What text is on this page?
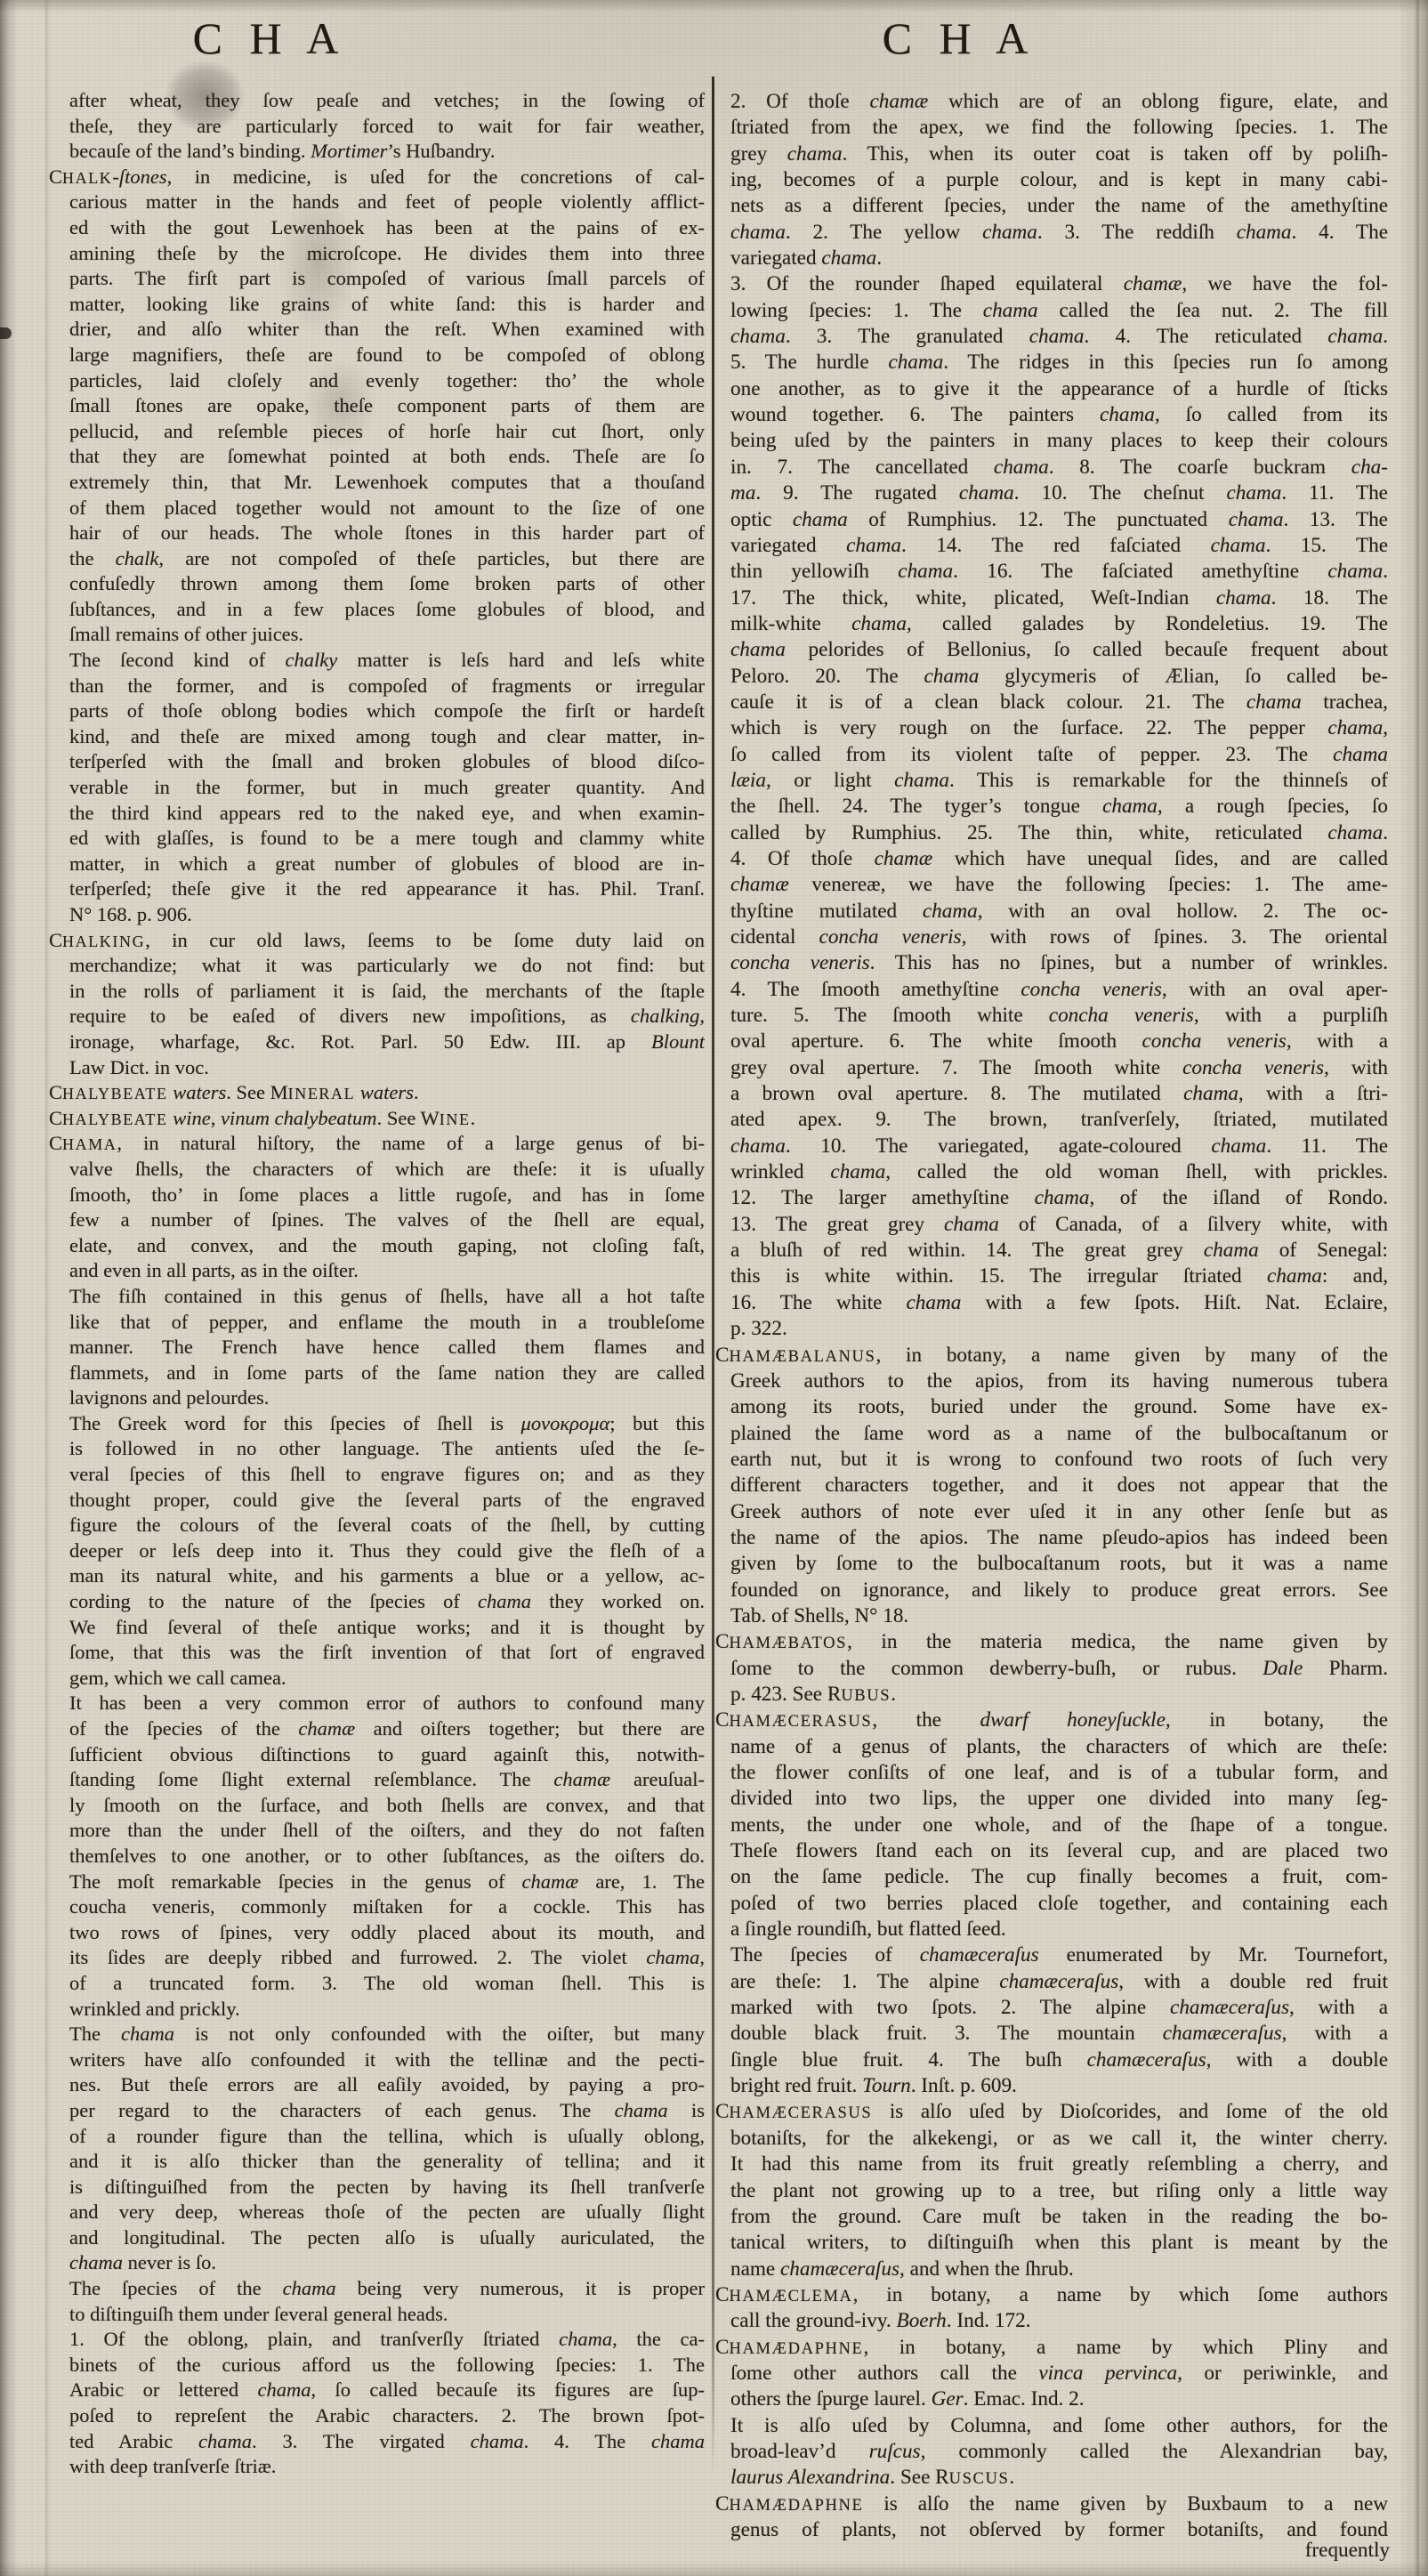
C H A	C H A
after wheat, they ſow peaſe and vetches; in the ſowing of
theſe, they are particularly forced to wait for fair weather,
becauſe of the land’s binding. Mortimer’s Huſbandry.
CHALK-ſtones, in medicine, is uſed for the concretions of cal-
carious matter in the hands and feet of people violently afflict-
ed with the gout Lewenhoek has been at the pains of ex-
amining theſe by the microſcope. He divides them into three
parts. The firſt part is compoſed of various ſmall parcels of
matter, looking like grains of white ſand: this is harder and
drier, and alſo whiter than the reſt. When examined with
large magnifiers, theſe are found to be compoſed of oblong
particles, laid cloſely and evenly together: tho’ the whole
ſmall ſtones are opake, theſe component parts of them are
pellucid, and reſemble pieces of horſe hair cut ſhort, only
that they are ſomewhat pointed at both ends. Theſe are ſo
extremely thin, that Mr. Lewenhoek computes that a thouſand
of them placed together would not amount to the ſize of one
hair of our heads. The whole ſtones in this harder part of
the chalk, are not compoſed of theſe particles, but there are
confuſedly thrown among them ſome broken parts of other
ſubſtances, and in a few places ſome globules of blood, and
ſmall remains of other juices.
The ſecond kind of chalky matter is leſs hard and leſs white
than the former, and is compoſed of fragments or irregular
parts of thoſe oblong bodies which compoſe the firſt or hardeſt
kind, and theſe are mixed among tough and clear matter, in-
terſperſed with the ſmall and broken globules of blood diſco-
verable in the former, but in much greater quantity. And
the third kind appears red to the naked eye, and when examin-
ed with glaſſes, is found to be a mere tough and clammy white
matter, in which a great number of globules of blood are in-
terſperſed; theſe give it the red appearance it has. Phil. Tranſ.
N° 168. p. 906.
CHALKING, in cur old laws, ſeems to be ſome duty laid on
merchandize; what it was particularly we do not find: but
in the rolls of parliament it is ſaid, the merchants of the ſtaple
require to be eaſed of divers new impoſitions, as chalking,
ironage, wharfage, &c. Rot. Parl. 50 Edw. III. ap Blount
Law Dict. in voc.
CHALYBEATE waters. See MINERAL waters.
CHALYBEATE wine, vinum chalybeatum. See WINE.
CHAMA, in natural hiſtory, the name of a large genus of bi-
valve ſhells, the characters of which are theſe: it is uſually
ſmooth, tho’ in ſome places a little rugoſe, and has in ſome
few a number of ſpines. The valves of the ſhell are equal,
elate, and convex, and the mouth gaping, not cloſing faſt,
and even in all parts, as in the oiſter.
The fiſh contained in this genus of ſhells, have all a hot taſte
like that of pepper, and enflame the mouth in a troubleſome
manner. The French have hence called them flames and
flammets, and in ſome parts of the ſame nation they are called
lavignons and pelourdes.
The Greek word for this ſpecies of ſhell is μονοκρομα; but this
is followed in no other language. The antients uſed the ſe-
veral ſpecies of this ſhell to engrave figures on; and as they
thought proper, could give the ſeveral parts of the engraved
figure the colours of the ſeveral coats of the ſhell, by cutting
deeper or leſs deep into it. Thus they could give the fleſh of a
man its natural white, and his garments a blue or a yellow, ac-
cording to the nature of the ſpecies of chama they worked on.
We find ſeveral of theſe antique works; and it is thought by
ſome, that this was the firſt invention of that ſort of engraved
gem, which we call camea.
It has been a very common error of authors to confound many
of the ſpecies of the chamæ and oiſters together; but there are
ſufficient obvious diſtinctions to guard againſt this, notwith-
ſtanding ſome ſlight external reſemblance. The chamæ areuſual-
ly ſmooth on the ſurface, and both ſhells are convex, and that
more than the under ſhell of the oiſters, and they do not faſten
themſelves to one another, or to other ſubſtances, as the oiſters do.
The moſt remarkable ſpecies in the genus of chamæ are, 1. The
coucha veneris, commonly miſtaken for a cockle. This has
two rows of ſpines, very oddly placed about its mouth, and
its ſides are deeply ribbed and furrowed. 2. The violet chama,
of a truncated form. 3. The old woman ſhell. This is
wrinkled and prickly.
The chama is not only confounded with the oiſter, but many
writers have alſo confounded it with the tellinæ and the pecti-
nes. But theſe errors are all eaſily avoided, by paying a pro-
per regard to the characters of each genus. The chama is
of a rounder figure than the tellina, which is uſually oblong,
and it is alſo thicker than the generality of tellina; and it
is diſtinguiſhed from the pecten by having its ſhell tranſverſe
and very deep, whereas thoſe of the pecten are uſually ſlight
and longitudinal. The pecten alſo is uſually auriculated, the
chama never is ſo.
The ſpecies of the chama being very numerous, it is proper
to diſtinguiſh them under ſeveral general heads.
1. Of the oblong, plain, and tranſverſly ſtriated chama, the ca-
binets of the curious afford us the following ſpecies: 1. The
Arabic or lettered chama, ſo called becauſe its figures are ſup-
poſed to repreſent the Arabic characters. 2. The brown ſpot-
ted Arabic chama. 3. The virgated chama. 4. The chama
with deep tranſverſe ſtriæ.
2. Of thoſe chamæ which are of an oblong figure, elate, and
ſtriated from the apex, we find the following ſpecies. 1. The
grey chama. This, when its outer coat is taken off by poliſh-
ing, becomes of a purple colour, and is kept in many cabi-
nets as a different ſpecies, under the name of the amethyſtine
chama. 2. The yellow chama. 3. The reddiſh chama. 4. The
variegated chama.
3. Of the rounder ſhaped equilateral chamæ, we have the fol-
lowing ſpecies: 1. The chama called the ſea nut. 2. The fill
chama. 3. The granulated chama. 4. The reticulated chama.
5. The hurdle chama. The ridges in this ſpecies run ſo among
one another, as to give it the appearance of a hurdle of ſticks
wound together. 6. The painters chama, ſo called from its
being uſed by the painters in many places to keep their colours
in. 7. The cancellated chama. 8. The coarſe buckram cha-
ma. 9. The rugated chama. 10. The cheſnut chama. 11. The
optic chama of Rumphius. 12. The punctuated chama. 13. The
variegated chama. 14. The red faſciated chama. 15. The
thin yellowiſh chama. 16. The faſciated amethyſtine chama.
17. The thick, white, plicated, Weſt-Indian chama. 18. The
milk-white chama, called galades by Rondeletius. 19. The
chama pelorides of Bellonius, ſo called becauſe frequent about
Peloro. 20. The chama glycymeris of Ælian, ſo called be-
cauſe it is of a clean black colour. 21. The chama trachea,
which is very rough on the ſurface. 22. The pepper chama,
ſo called from its violent taſte of pepper. 23. The chama
læia, or light chama. This is remarkable for the thinneſs of
the ſhell. 24. The tyger’s tongue chama, a rough ſpecies, ſo
called by Rumphius. 25. The thin, white, reticulated chama.
4. Of thoſe chamæ which have unequal ſides, and are called
chamæ venereæ, we have the following ſpecies: 1. The ame-
thyſtine mutilated chama, with an oval hollow. 2. The oc-
cidental concha veneris, with rows of ſpines. 3. The oriental
concha veneris. This has no ſpines, but a number of wrinkles.
4. The ſmooth amethyſtine concha veneris, with an oval aper-
ture. 5. The ſmooth white concha veneris, with a purpliſh
oval aperture. 6. The white ſmooth concha veneris, with a
grey oval aperture. 7. The ſmooth white concha veneris, with
a brown oval aperture. 8. The mutilated chama, with a ſtri-
ated apex. 9. The brown, tranſverſely, ſtriated, mutilated
chama. 10. The variegated, agate-coloured chama. 11. The
wrinkled chama, called the old woman ſhell, with prickles.
12. The larger amethyſtine chama, of the iſland of Rondo.
13. The great grey chama of Canada, of a ſilvery white, with
a bluſh of red within. 14. The great grey chama of Senegal:
this is white within. 15. The irregular ſtriated chama: and,
16. The white chama with a few ſpots. Hiſt. Nat. Eclaire,
p. 322.
CHAMÆBALANUS, in botany, a name given by many of the
Greek authors to the apios, from its having numerous tubera
among its roots, buried under the ground. Some have ex-
plained the ſame word as a name of the bulbocaſtanum or
earth nut, but it is wrong to confound two roots of ſuch very
different characters together, and it does not appear that the
Greek authors of note ever uſed it in any other ſenſe but as
the name of the apios. The name pſeudo-apios has indeed been
given by ſome to the bulbocaſtanum roots, but it was a name
founded on ignorance, and likely to produce great errors. See
Tab. of Shells, N° 18.
CHAMÆBATOS, in the materia medica, the name given by
ſome to the common dewberry-buſh, or rubus. Dale Pharm.
p. 423. See RUBUS.
CHAMÆCERASUS, the dwarf honeyſuckle, in botany, the
name of a genus of plants, the characters of which are theſe:
the flower conſiſts of one leaf, and is of a tubular form, and
divided into two lips, the upper one divided into many ſeg-
ments, the under one whole, and of the ſhape of a tongue.
Theſe flowers ſtand each on its ſeveral cup, and are placed two
on the ſame pedicle. The cup finally becomes a fruit, com-
poſed of two berries placed cloſe together, and containing each
a ſingle roundiſh, but flatted ſeed.
The ſpecies of chamæceraſus enumerated by Mr. Tournefort,
are theſe: 1. The alpine chamæceraſus, with a double red fruit
marked with two ſpots. 2. The alpine chamæceraſus, with a
double black fruit. 3. The mountain chamæceraſus, with a
ſingle blue fruit. 4. The buſh chamæceraſus, with a double
bright red fruit. Tourn. Inſt. p. 609.
CHAMÆCERASUS is alſo uſed by Dioſcorides, and ſome of the old
botaniſts, for the alkekengi, or as we call it, the winter cherry.
It had this name from its fruit greatly reſembling a cherry, and
the plant not growing up to a tree, but riſing only a little way
from the ground. Care muſt be taken in the reading the bo-
tanical writers, to diſtinguiſh when this plant is meant by the
name chamæceraſus, and when the ſhrub.
CHAMÆCLEMA, in botany, a name by which ſome authors
call the ground-ivy. Boerh. Ind. 172.
CHAMÆDAPHNE, in botany, a name by which Pliny and
ſome other authors call the vinca pervinca, or periwinkle, and
others the ſpurge laurel. Ger. Emac. Ind. 2.
It is alſo uſed by Columna, and ſome other authors, for the
broad-leav’d ruſcus, commonly called the Alexandrian bay,
laurus Alexandrina. See RUSCUS.
CHAMÆDAPHNE is alſo the name given by Buxbaum to a new
genus of plants, not obſerved by former botaniſts, and found
frequently
